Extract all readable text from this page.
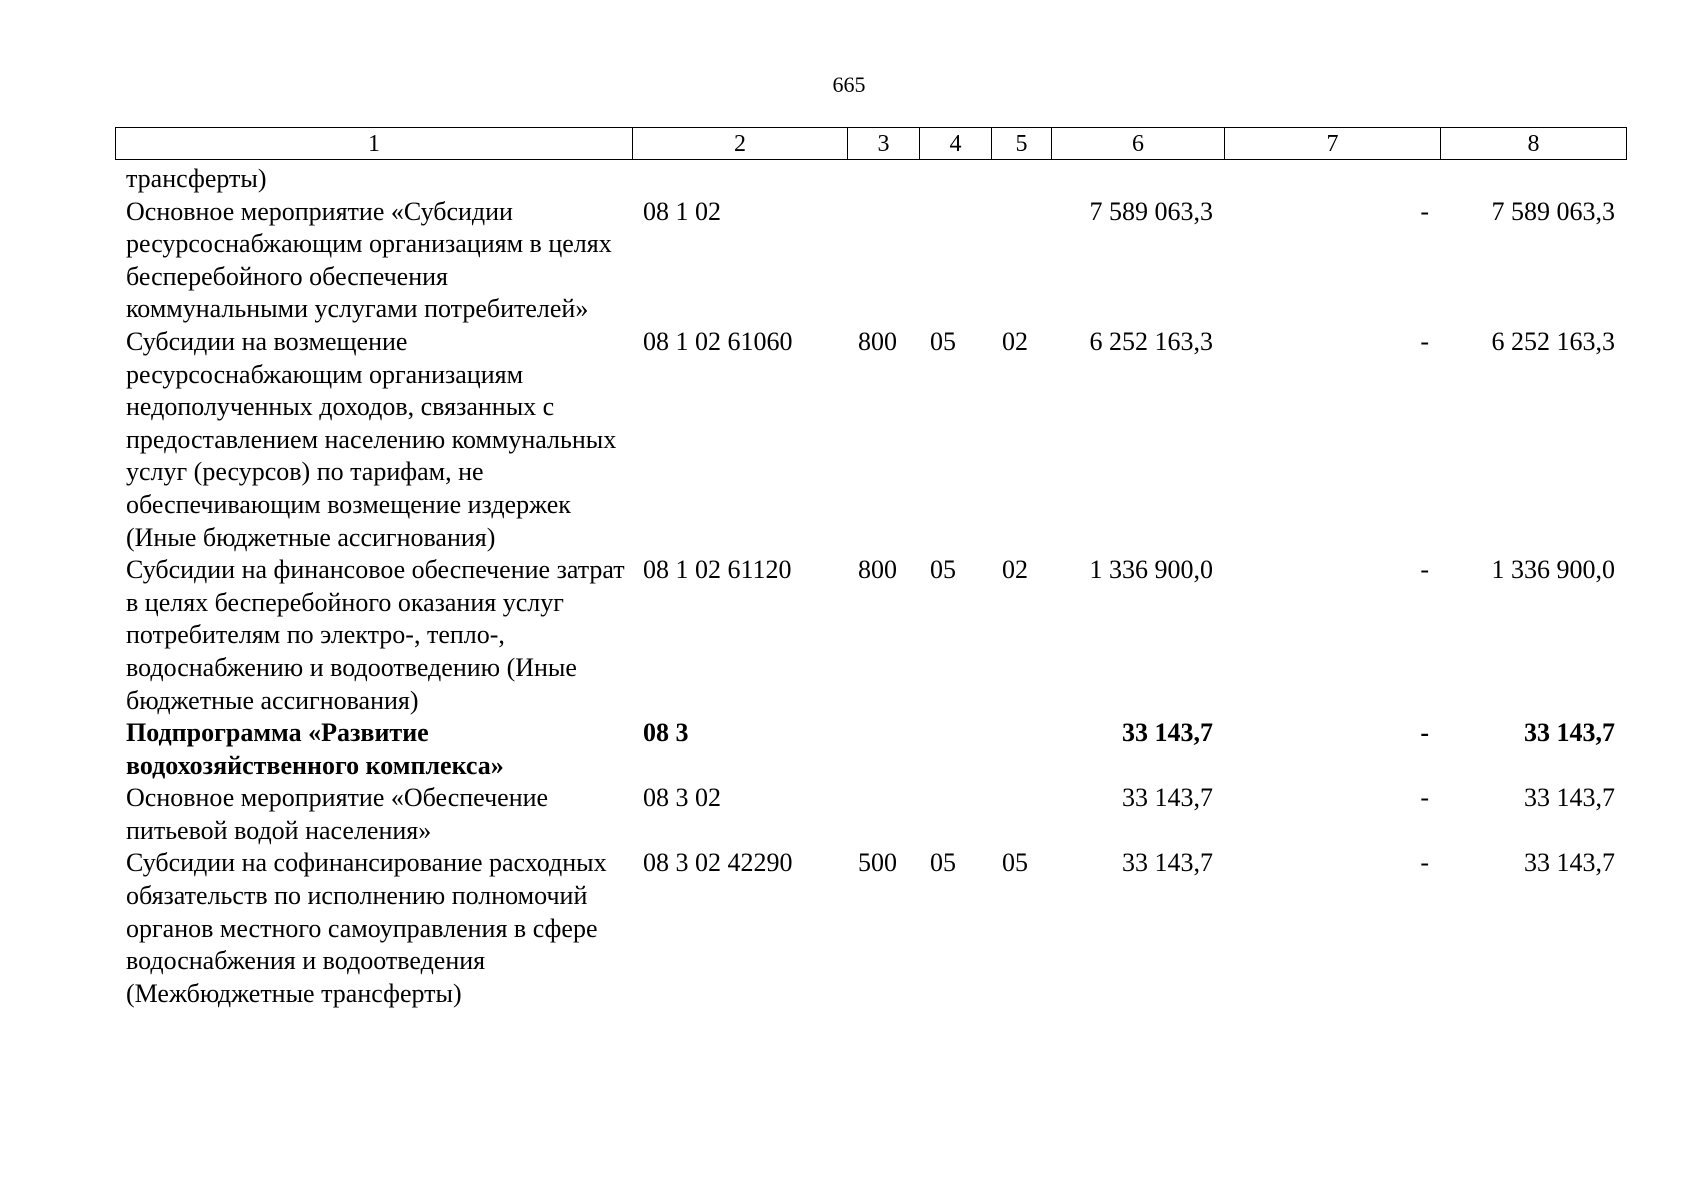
665
1	2	3	4	5	6	7	8
трансферты)							
Основное мероприятие «Субсидии ресурсоснабжающим организациям в целях бесперебойного обеспечения коммунальными услугами потребителей»	08 1 02				7 589 063,3	-	7 589 063,3
Субсидии на возмещение ресурсоснабжающим организациям недополученных доходов, связанных с предоставлением населению коммунальных услуг (ресурсов) по тарифам, не обеспечивающим возмещение издержек (Иные бюджетные ассигнования)	08 1 02 61060	800	05	02	6 252 163,3	-	6 252 163,3
Субсидии на финансовое обеспечение затрат в целях бесперебойного оказания услуг потребителям по электро-, тепло-, водоснабжению и водоотведению (Иные бюджетные ассигнования)	08 1 02 61120	800	05	02	1 336 900,0	-	1 336 900,0
Подпрограмма «Развитие водохозяйственного комплекса»	08 3				33 143,7	-	33 143,7
Основное мероприятие «Обеспечение питьевой водой населения»	08 3 02				33 143,7	-	33 143,7
Субсидии на софинансирование расходных обязательств по исполнению полномочий органов местного самоуправления в сфере водоснабжения и водоотведения (Межбюджетные трансферты)	08 3 02 42290	500	05	05	33 143,7	-	33 143,7
